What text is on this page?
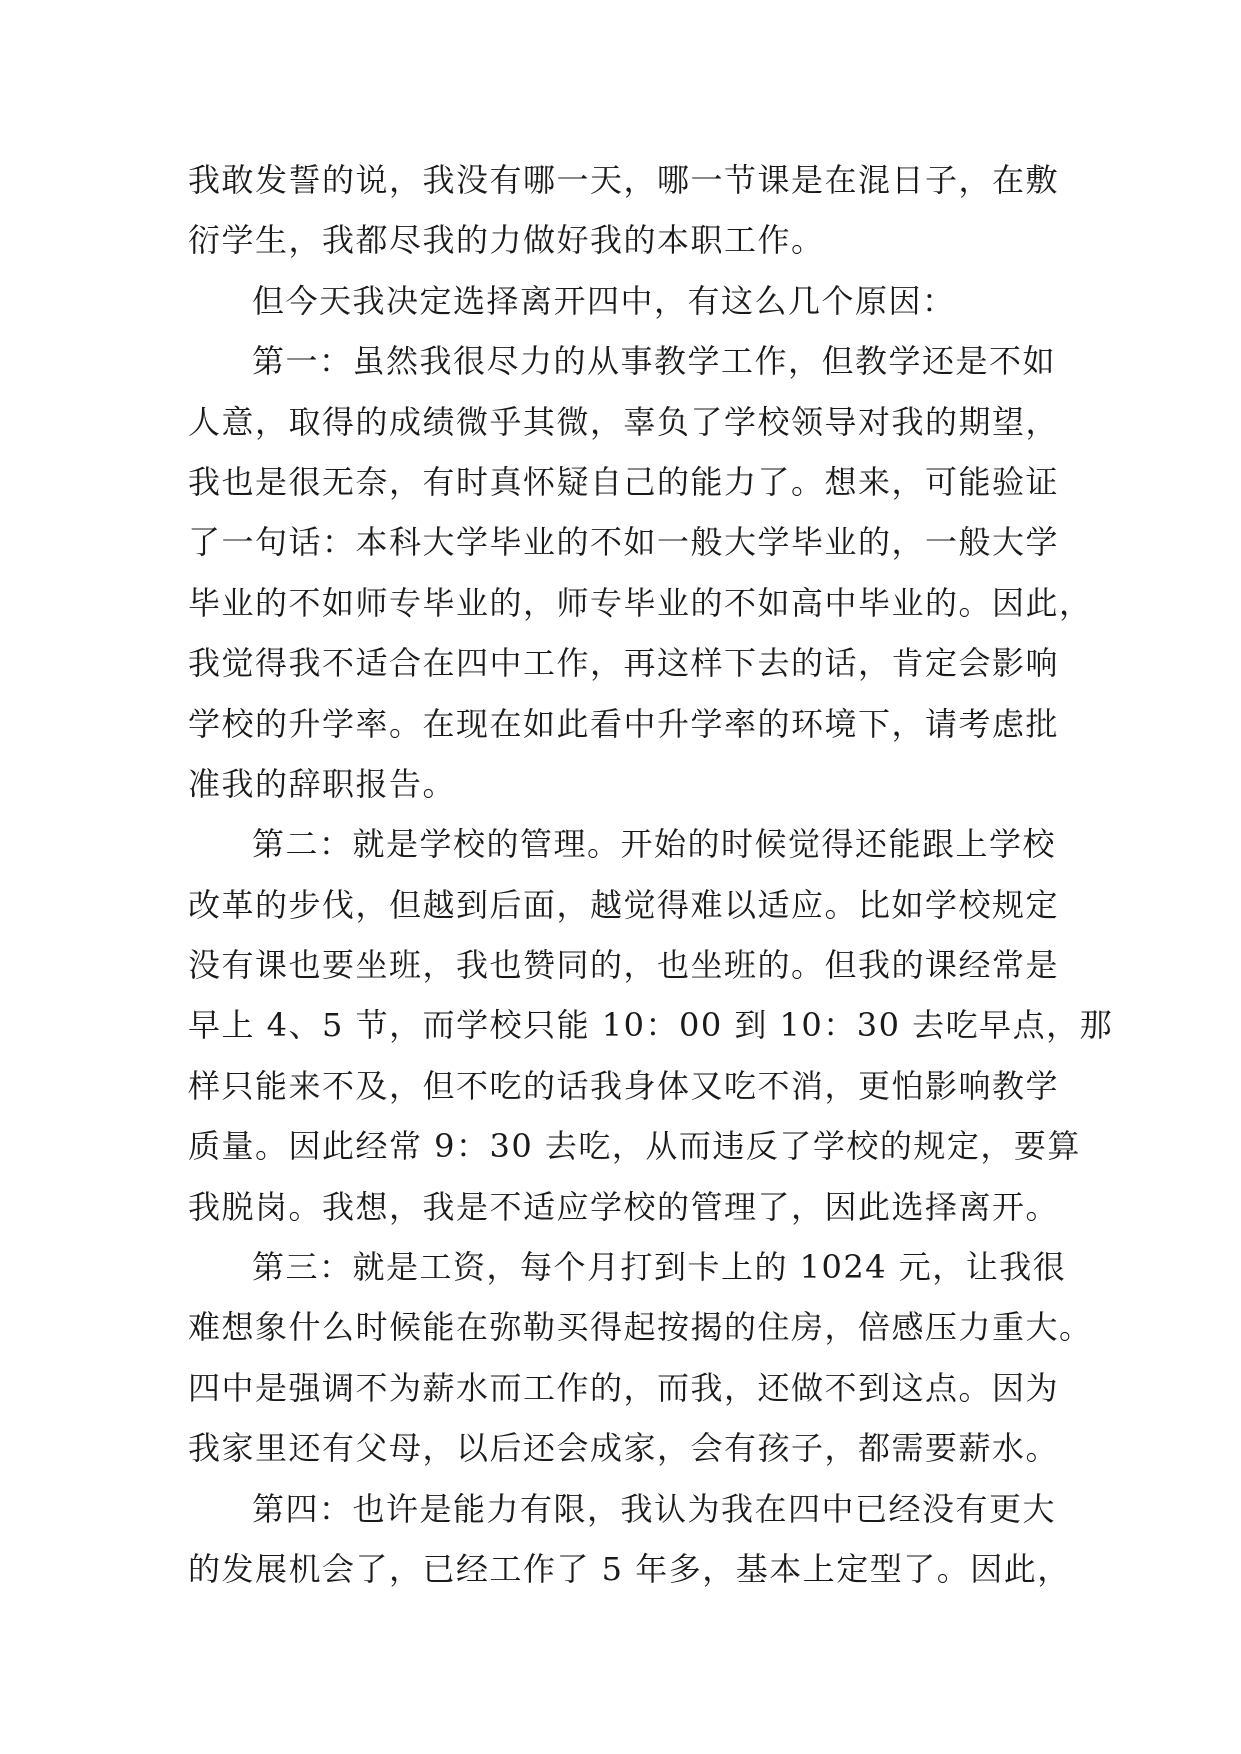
我敢发誓的说，我没有哪一天，哪一节课是在混日子，在敷
衍学生，我都尽我的力做好我的本职工作。
但今天我决定选择离开四中，有这么几个原因：
第一：虽然我很尽力的从事教学工作，但教学还是不如
人意，取得的成绩微乎其微，辜负了学校领导对我的期望，
我也是很无奈，有时真怀疑自己的能力了。想来，可能验证
了一句话：本科大学毕业的不如一般大学毕业的，一般大学
毕业的不如师专毕业的，师专毕业的不如高中毕业的。因此，
我觉得我不适合在四中工作，再这样下去的话，肯定会影响
学校的升学率。在现在如此看中升学率的环境下，请考虑批
准我的辞职报告。
第二：就是学校的管理。开始的时候觉得还能跟上学校
改革的步伐，但越到后面，越觉得难以适应。比如学校规定
没有课也要坐班，我也赞同的，也坐班的。但我的课经常是
早上 4、5 节，而学校只能 10：00 到 10：30 去吃早点，那
样只能来不及，但不吃的话我身体又吃不消，更怕影响教学
质量。因此经常 9：30 去吃，从而违反了学校的规定，要算
我脱岗。我想，我是不适应学校的管理了，因此选择离开。
第三：就是工资，每个月打到卡上的 1024 元，让我很
难想象什么时候能在弥勒买得起按揭的住房，倍感压力重大。
四中是强调不为薪水而工作的，而我，还做不到这点。因为
我家里还有父母，以后还会成家，会有孩子，都需要薪水。
第四：也许是能力有限，我认为我在四中已经没有更大
的发展机会了，已经工作了 5 年多，基本上定型了。因此，
